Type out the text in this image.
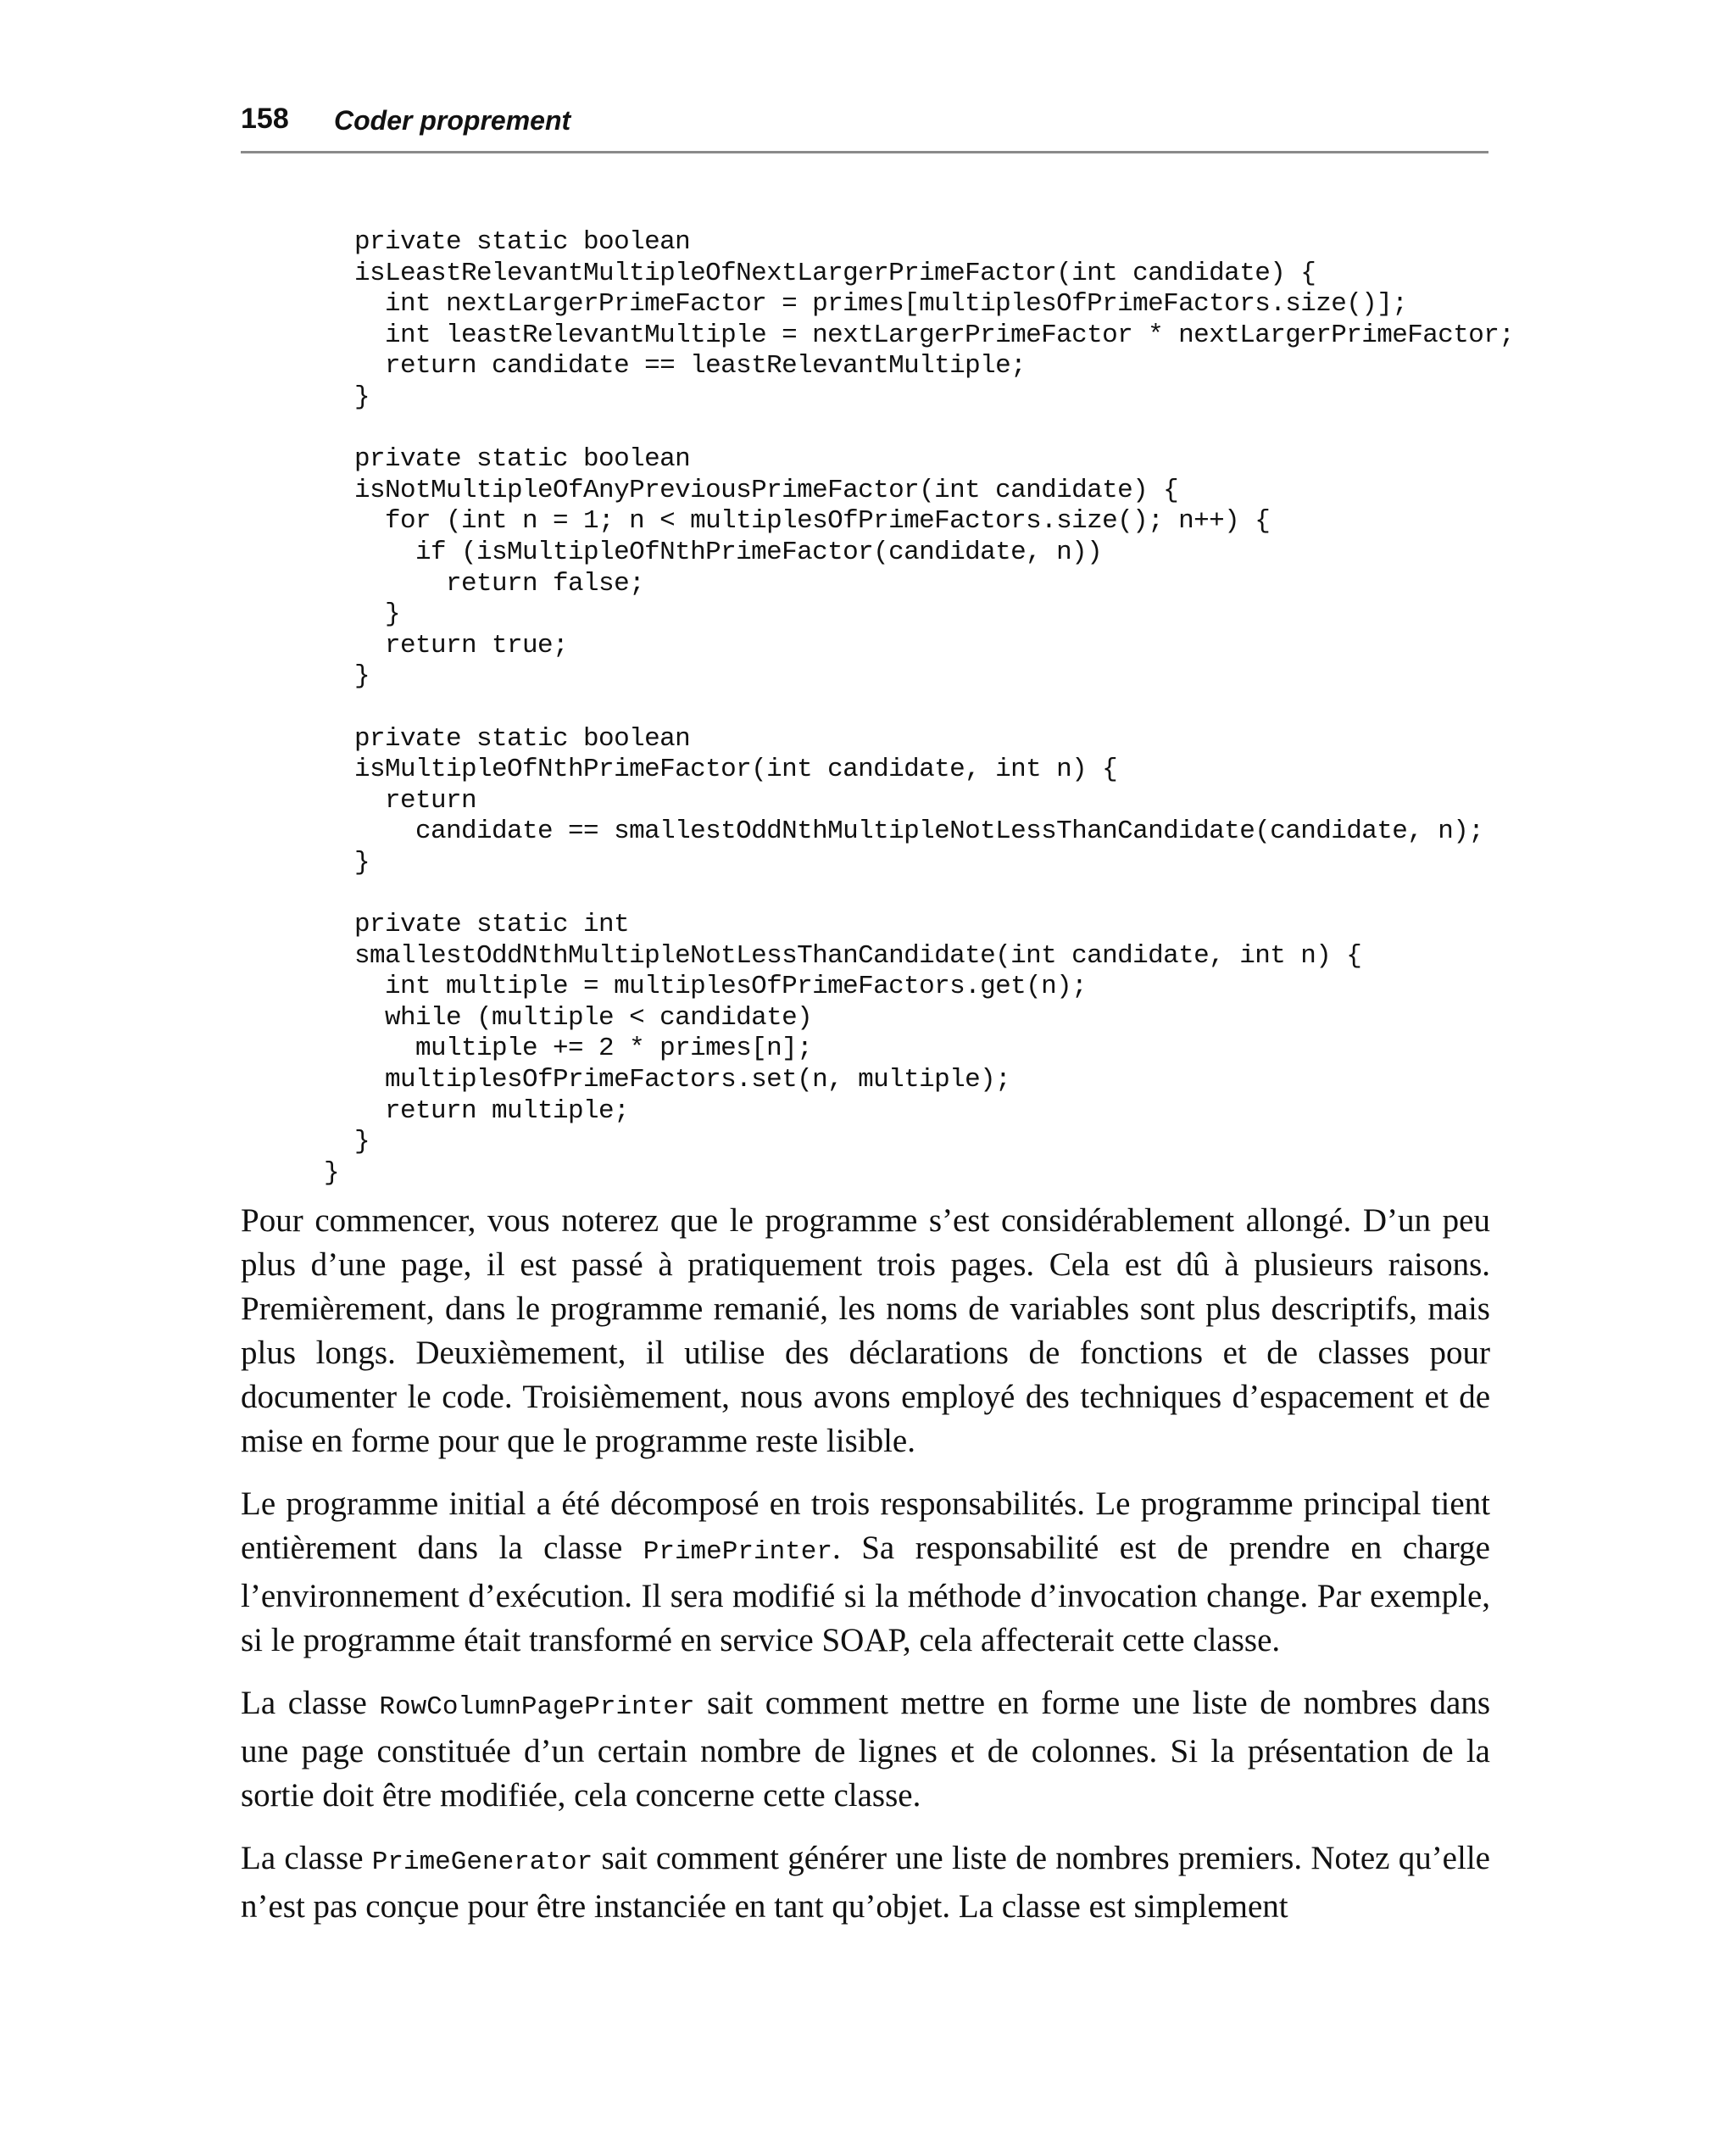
158 Coder proprement
private static boolean
isLeastRelevantMultipleOfNextLargerPrimeFactor(int candidate) {
int nextLargerPrimeFactor = primes[multiplesOfPrimeFactors.size()];
int leastRelevantMultiple = nextLargerPrimeFactor * nextLargerPrimeFactor;
return candidate == leastRelevantMultiple;
}
private static boolean
isNotMultipleOfAnyPreviousPrimeFactor(int candidate) {
for (int n = 1; n < multiplesOfPrimeFactors.size(); n++) {
if (isMultipleOfNthPrimeFactor(candidate, n))
return false;
}
return true;
}
private static boolean
isMultipleOfNthPrimeFactor(int candidate, int n) {
return
candidate == smallestOddNthMultipleNotLessThanCandidate(candidate, n);
}
private static int
smallestOddNthMultipleNotLessThanCandidate(int candidate, int n) {
int multiple = multiplesOfPrimeFactors.get(n);
while (multiple < candidate)
multiple += 2 * primes[n];
multiplesOfPrimeFactors.set(n, multiple);
return multiple;
}
}

Pour commencer, vous noterez que le programme s’est considérablement allongé. D’un peu plus d’une page, il est passé à pratiquement trois pages. Cela est dû à plusieurs raisons. Premièrement, dans le programme remanié, les noms de variables sont plus descriptifs, mais plus longs. Deuxièmement, il utilise des déclarations de fonctions et de classes pour documenter le code. Troisièmement, nous avons employé des techniques d’espacement et de mise en forme pour que le programme reste lisible.

Le programme initial a été décomposé en trois responsabilités. Le programme principal tient entièrement dans la classe PrimePrinter. Sa responsabilité est de prendre en charge l’environnement d’exécution. Il sera modifié si la méthode d’invocation change. Par exemple, si le programme était transformé en service SOAP, cela affecterait cette classe.

La classe RowColumnPagePrinter sait comment mettre en forme une liste de nombres dans une page constituée d’un certain nombre de lignes et de colonnes. Si la présentation de la sortie doit être modifiée, cela concerne cette classe.

La classe PrimeGenerator sait comment générer une liste de nombres premiers. Notez qu’elle n’est pas conçue pour être instanciée en tant qu’objet. La classe est simplement
